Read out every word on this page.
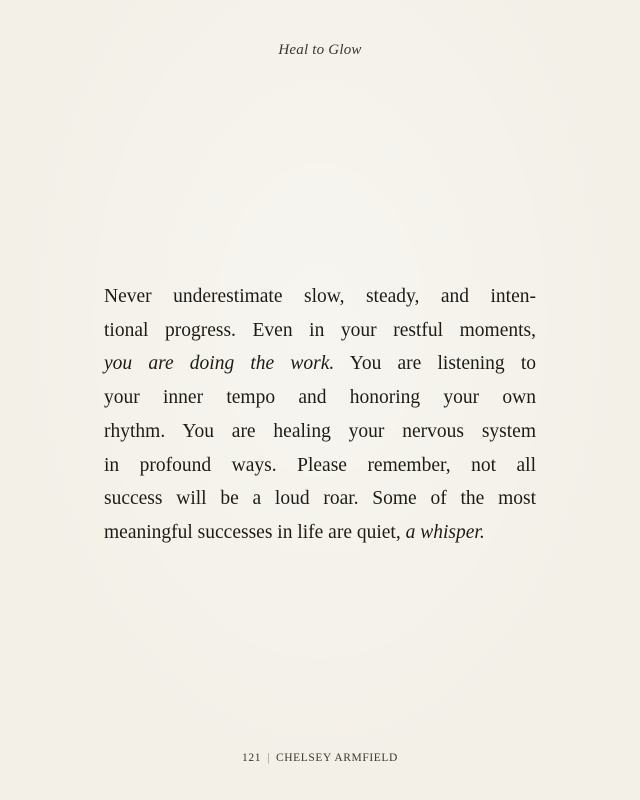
Heal to Glow
Never underestimate slow, steady, and inten-
tional progress. Even in your restful moments,
you are doing the work. You are listening to
your inner tempo and honoring your own
rhythm. You are healing your nervous system
in profound ways. Please remember, not all
success will be a loud roar. Some of the most
meaningful successes in life are quiet, a whisper.
121 | CHELSEY ARMFIELD
